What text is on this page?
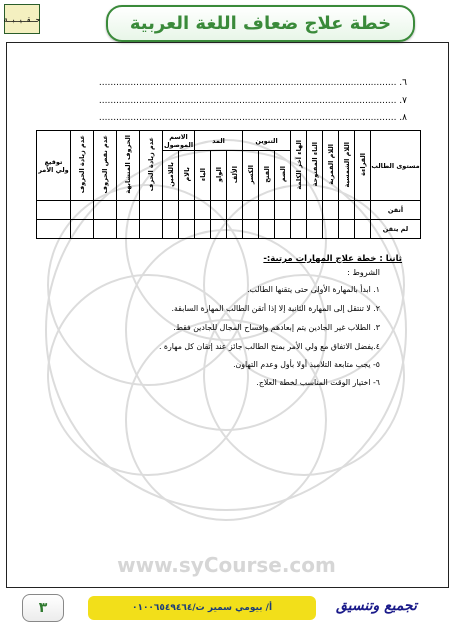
حــقــيــبــة	خطة علاج ضعاف اللغة العربية
٦. ........................................................................................................
٧. ........................................................................................................
٨. ........................................................................................................
مستوى الطالب	القراءة	اللام الشمسية	اللام القمرية	التاء المفتوحة	الهاء آخر الكلمة	التنوين			المد			الاسم الموصول		عدم زيادة الحرف	الحروف المتشابهة	عدم نقص الحروف	عدم زيادة الحروف	توقيع ولي الأمر
						الضم	الفتح	الكسر	الألف	الواو	الياء	بالام	باللامين					
أتقن																		
لم يتقن																		
ثانيا : خطة علاج المهارات مرتبة:-
الشروط :
١. ابدأ بالمهارة الأولى حتى يتقنها الطالب.
٢. لا تنتقل إلى المهارة الثانية إلا إذا أتقن الطالب المهارة السابقة.
٣. الطلاب غير الجادين يتم إبعادهم وإفساح المجال للجادين فقط.
٤.يفضل الاتفاق مع ولي الأمر بمنح الطالب جائز عند إتقان كل مهارة .
٥- يجب متابعة التلاميذ أولا بأول وعدم التهاون.
٦- اختيار الوقت المناسب لخطة العلاج.
www.syCourse.com
٣	أ/ بيومي سمير ت/٠١٠٠٦٥٤٩٤٦٤	تجميع وتنسيق
